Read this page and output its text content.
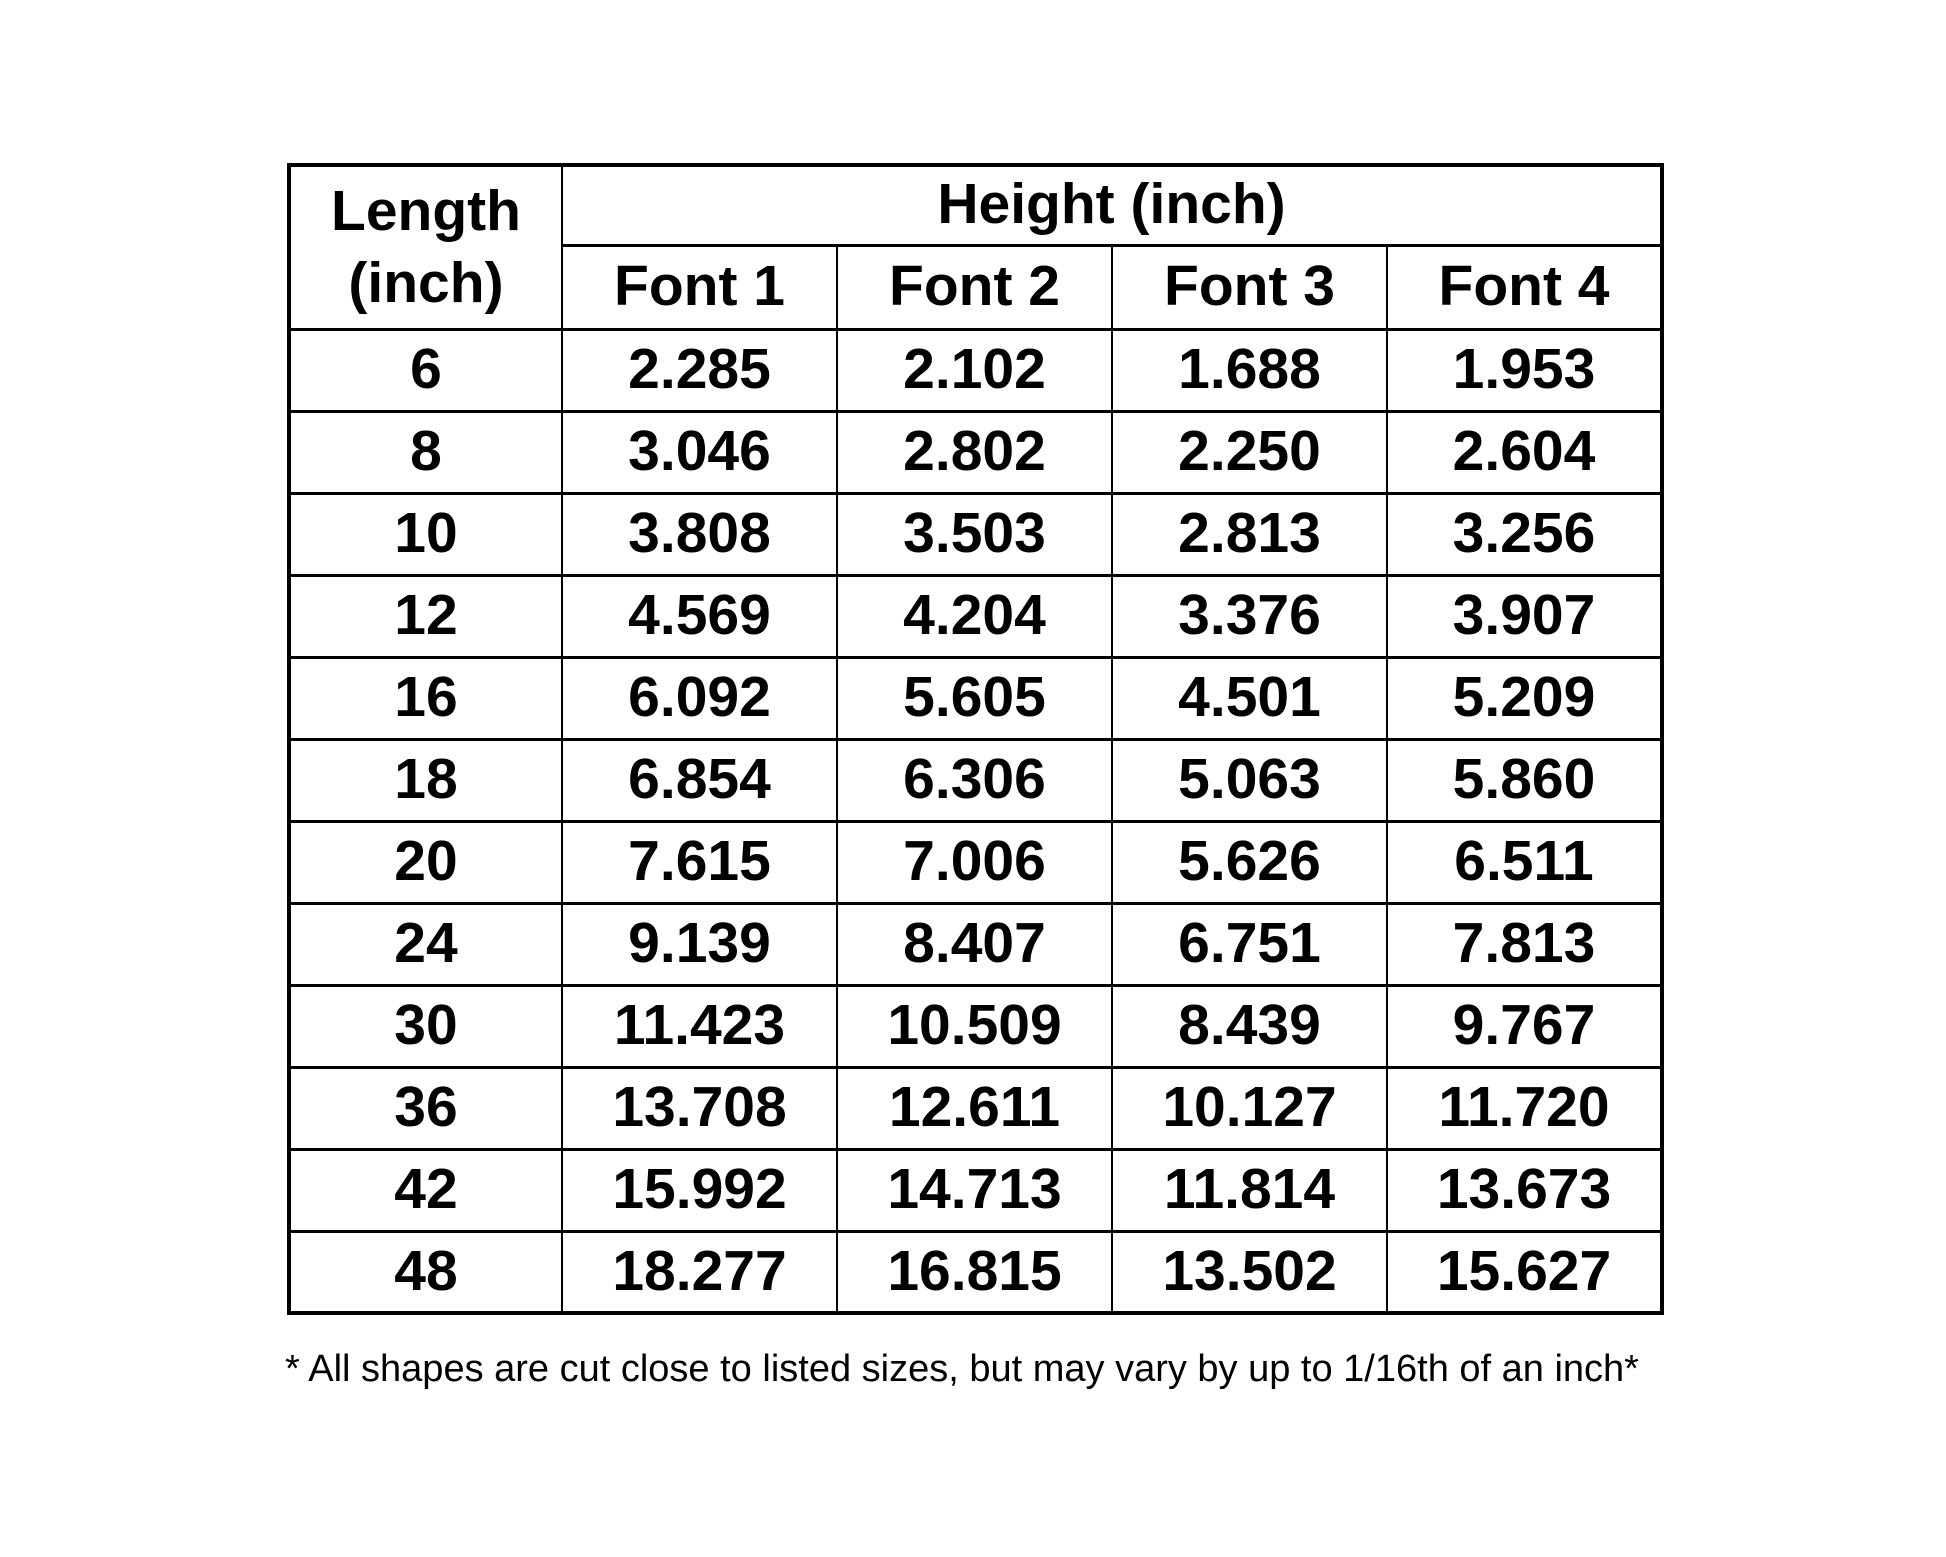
Length
(inch)	Height (inch)			
	Font 1	Font 2	Font 3	Font 4
6	2.285	2.102	1.688	1.953
8	3.046	2.802	2.250	2.604
10	3.808	3.503	2.813	3.256
12	4.569	4.204	3.376	3.907
16	6.092	5.605	4.501	5.209
18	6.854	6.306	5.063	5.860
20	7.615	7.006	5.626	6.511
24	9.139	8.407	6.751	7.813
30	11.423	10.509	8.439	9.767
36	13.708	12.611	10.127	11.720
42	15.992	14.713	11.814	13.673
48	18.277	16.815	13.502	15.627
* All shapes are cut close to listed sizes, but may vary by up to 1/16th of an inch*
